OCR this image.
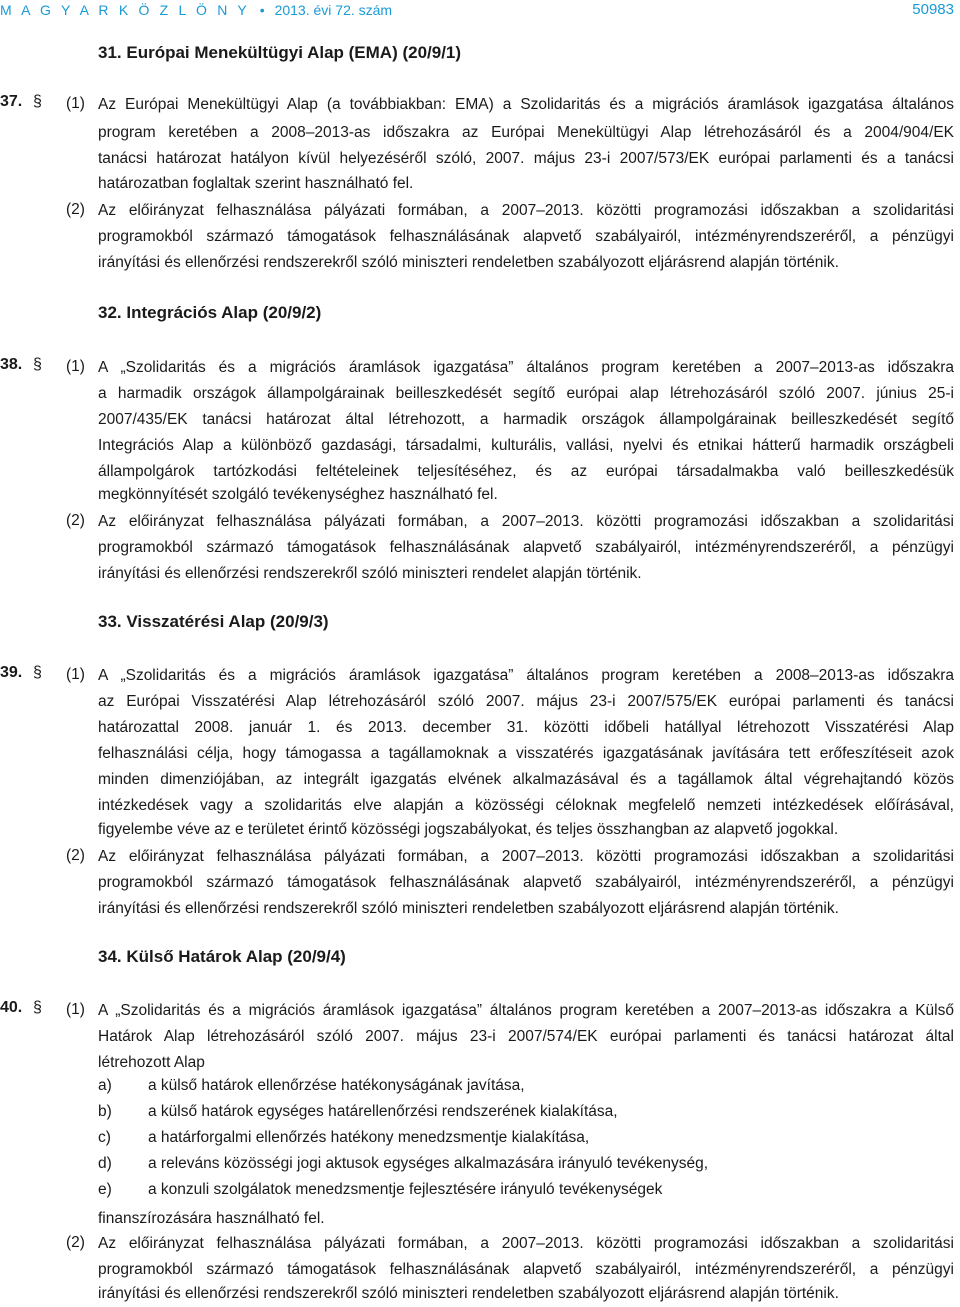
M A G Y A R K Ö Z L Ö N Y • 2013. évi 72. szám	50983
31. Európai Menekültügyi Alap (EMA) (20/9/1)
37. § (1) Az Európai Menekültügyi Alap (a továbbiakban: EMA) a Szolidaritás és a migrációs áramlások igazgatása általános
program keretében a 2008–2013-as időszakra az Európai Menekültügyi Alap létrehozásáról és a 2004/904/EK
tanácsi határozat hatályon kívül helyezéséről szóló, 2007. május 23-i 2007/573/EK európai parlamenti és a tanácsi
határozatban foglaltak szerint használható fel.
(2) Az előirányzat felhasználása pályázati formában, a 2007–2013. közötti programozási időszakban a szolidaritási
programokból származó támogatások felhasználásának alapvető szabályairól, intézményrendszeréről, a pénzügyi
irányítási és ellenőrzési rendszerekről szóló miniszteri rendeletben szabályozott eljárásrend alapján történik.
32. Integrációs Alap (20/9/2)
38. § (1) A „Szolidaritás és a migrációs áramlások igazgatása” általános program keretében a 2007–2013-as időszakra
a harmadik országok állampolgárainak beilleszkedését segítő európai alap létrehozásáról szóló 2007. június 25-i
2007/435/EK tanácsi határozat által létrehozott, a harmadik országok állampolgárainak beilleszkedését segítő
Integrációs Alap a különböző gazdasági, társadalmi, kulturális, vallási, nyelvi és etnikai hátterű harmadik országbeli
állampolgárok tartózkodási feltételeinek teljesítéséhez, és az európai társadalmakba való beilleszkedésük
megkönnyítését szolgáló tevékenységhez használható fel.
(2) Az előirányzat felhasználása pályázati formában, a 2007–2013. közötti programozási időszakban a szolidaritási
programokból származó támogatások felhasználásának alapvető szabályairól, intézményrendszeréről, a pénzügyi
irányítási és ellenőrzési rendszerekről szóló miniszteri rendelet alapján történik.
33. Visszatérési Alap (20/9/3)
39. § (1) A „Szolidaritás és a migrációs áramlások igazgatása” általános program keretében a 2008–2013-as időszakra
az Európai Visszatérési Alap létrehozásáról szóló 2007. május 23-i 2007/575/EK európai parlamenti és tanácsi
határozattal 2008. január 1. és 2013. december 31. közötti időbeli hatállyal létrehozott Visszatérési Alap
felhasználási célja, hogy támogassa a tagállamoknak a visszatérés igazgatásának javítására tett erőfeszítéseit azok
minden dimenziójában, az integrált igazgatás elvének alkalmazásával és a tagállamok által végrehajtandó közös
intézkedések vagy a szolidaritás elve alapján a közösségi céloknak megfelelő nemzeti intézkedések előírásával,
figyelembe véve az e területet érintő közösségi jogszabályokat, és teljes összhangban az alapvető jogokkal.
(2) Az előirányzat felhasználása pályázati formában, a 2007–2013. közötti programozási időszakban a szolidaritási
programokból származó támogatások felhasználásának alapvető szabályairól, intézményrendszeréről, a pénzügyi
irányítási és ellenőrzési rendszerekről szóló miniszteri rendeletben szabályozott eljárásrend alapján történik.
34. Külső Határok Alap (20/9/4)
40. § (1) A „Szolidaritás és a migrációs áramlások igazgatása” általános program keretében a 2007–2013-as időszakra a Külső
Határok Alap létrehozásáról szóló 2007. május 23-i 2007/574/EK európai parlamenti és tanácsi határozat által
létrehozott Alap
a) a külső határok ellenőrzése hatékonyságának javítása,
b) a külső határok egységes határellenőrzési rendszerének kialakítása,
c) a határforgalmi ellenőrzés hatékony menedzsmentje kialakítása,
d) a releváns közösségi jogi aktusok egységes alkalmazására irányuló tevékenység,
e) a konzuli szolgálatok menedzsmentje fejlesztésére irányuló tevékenységek
finanszírozására használható fel.
(2) Az előirányzat felhasználása pályázati formában, a 2007–2013. közötti programozási időszakban a szolidaritási
programokból származó támogatások felhasználásának alapvető szabályairól, intézményrendszeréről, a pénzügyi
irányítási és ellenőrzési rendszerekről szóló miniszteri rendeletben szabályozott eljárásrend alapján történik.
